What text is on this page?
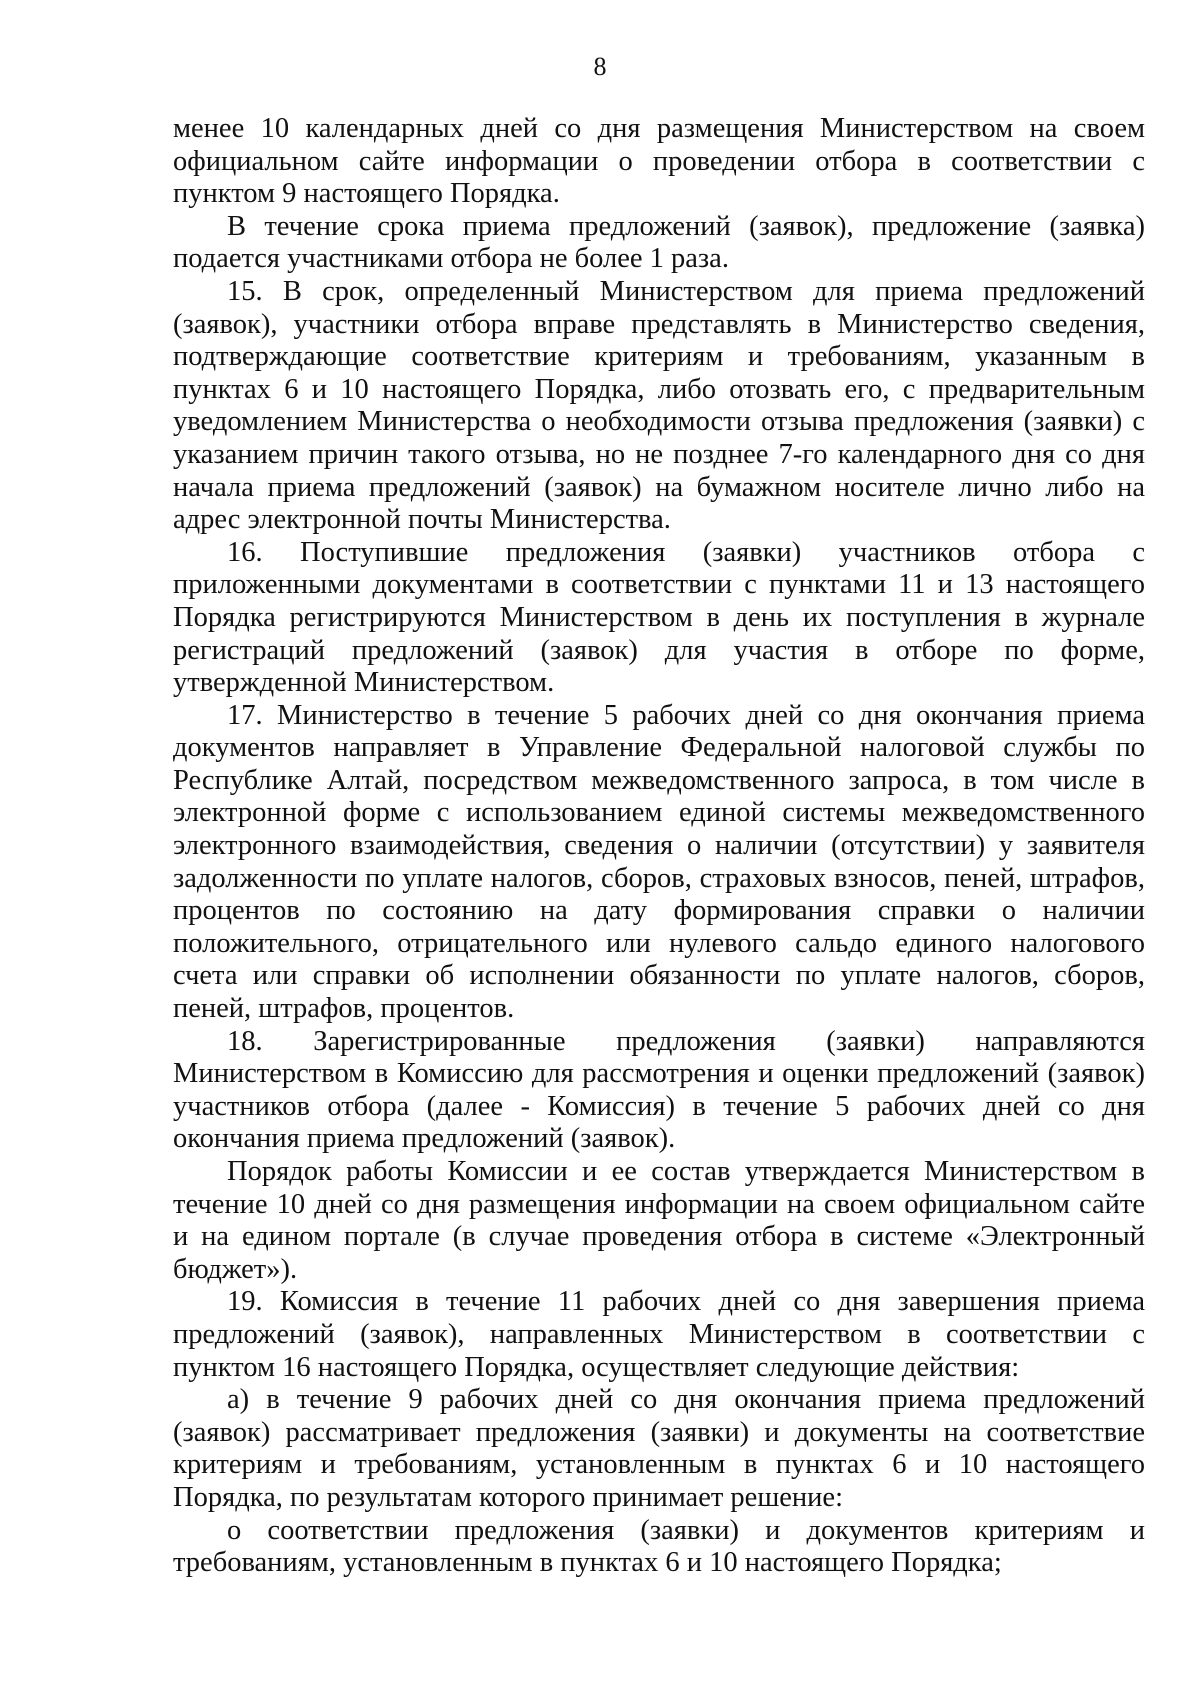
8

менее 10 календарных дней со дня размещения Министерством на своем официальном сайте информации о проведении отбора в соответствии с пунктом 9 настоящего Порядка.

В течение срока приема предложений (заявок), предложение (заявка) подается участниками отбора не более 1 раза.

15. В срок, определенный Министерством для приема предложений (заявок), участники отбора вправе представлять в Министерство сведения, подтверждающие соответствие критериям и требованиям, указанным в пунктах 6 и 10 настоящего Порядка, либо отозвать его, с предварительным уведомлением Министерства о необходимости отзыва предложения (заявки) с указанием причин такого отзыва, но не позднее 7-го календарного дня со дня начала приема предложений (заявок) на бумажном носителе лично либо на адрес электронной почты Министерства.

16. Поступившие предложения (заявки) участников отбора с приложенными документами в соответствии с пунктами 11 и 13 настоящего Порядка регистрируются Министерством в день их поступления в журнале регистраций предложений (заявок) для участия в отборе по форме, утвержденной Министерством.

17. Министерство в течение 5 рабочих дней со дня окончания приема документов направляет в Управление Федеральной налоговой службы по Республике Алтай, посредством межведомственного запроса, в том числе в электронной форме с использованием единой системы межведомственного электронного взаимодействия, сведения о наличии (отсутствии) у заявителя задолженности по уплате налогов, сборов, страховых взносов, пеней, штрафов, процентов по состоянию на дату формирования справки о наличии положительного, отрицательного или нулевого сальдо единого налогового счета или справки об исполнении обязанности по уплате налогов, сборов, пеней, штрафов, процентов.

18. Зарегистрированные предложения (заявки) направляются Министерством в Комиссию для рассмотрения и оценки предложений (заявок) участников отбора (далее - Комиссия) в течение 5 рабочих дней со дня окончания приема предложений (заявок).

Порядок работы Комиссии и ее состав утверждается Министерством в течение 10 дней со дня размещения информации на своем официальном сайте и на едином портале (в случае проведения отбора в системе «Электронный бюджет»).

19. Комиссия в течение 11 рабочих дней со дня завершения приема предложений (заявок), направленных Министерством в соответствии с пунктом 16 настоящего Порядка, осуществляет следующие действия:

а) в течение 9 рабочих дней со дня окончания приема предложений (заявок) рассматривает предложения (заявки) и документы на соответствие критериям и требованиям, установленным в пунктах 6 и 10 настоящего Порядка, по результатам которого принимает решение:

о соответствии предложения (заявки) и документов критериям и требованиям, установленным в пунктах 6 и 10 настоящего Порядка;
